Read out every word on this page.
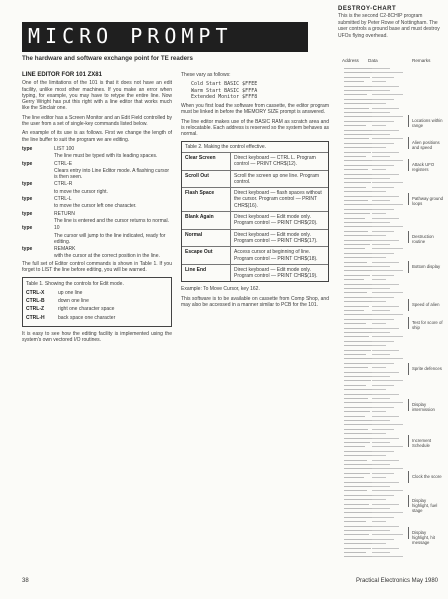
MICRO PROMPT
The hardware and software exchange point for TE readers
DESTROY-CHART
This is the second C2-8CHIP program submitted by Peter Rowe of Nottingham. The user controls a ground base and must destroy UFOs flying overhead.
LINE EDITOR FOR 101 ZX81

One of the limitations of the 101 is that it does not have an edit facility, unlike most other machines. If you make an error when typing, for example, you may have to retype the entire line. Now Gerry Wright has put this right with a line editor that works much like the Sinclair one.

The line editor has a Screen Monitor and an Edit Field controlled by the user from a set of single-key commands listed below.

An example of its use is as follows. First we change the length of the line buffer to suit the program we are editing.

type	LIST 100
The line must be typed with its leading spaces.
type	CTRL-E
Clears entry into Line Editor mode. A flashing cursor is then seen.
type	CTRL-R
to move the cursor right.
type	CTRL-L
to move the cursor left one character.
type	RETURN
The line is entered and the cursor returns to normal.
type	10
The cursor will jump to the line indicated, ready for editing.
type	REMARK
with the cursor at the correct position in the line.

The full set of Editor control commands is shown in Table 1. If you forget to LIST the line before editing, you will be warned.

Table 1. Showing the controls for Edit mode.
CTRL-X	up one line
CTRL-B	down one line
CTRL-Z	right one character space
CTRL-H	back space one character

It is easy to see how the editing facility is implemented using the system's own vectored I/O routines.

These vary as follows:

Cold Start BASIC $FFEE
Warm Start BASIC $FFFA
Extended Monitor $FFF8

When you first load the software from cassette, the editor program must be linked in before the MEMORY SIZE prompt is answered.

The line editor makes use of the BASIC RAM as scratch area and is relocatable. Each address is reserved so the system behaves as normal.

Table 2. Making the control effective.
Clear Screen	Direct keyboard — CTRL L. Program control — PRINT CHR$(12).
Scroll Out	Scroll the screen up one line. Program control.
Flash Space	Direct keyboard — flash spaces without the cursor. Program control — PRINT CHR$(16).
Blank Again	Direct keyboard — Edit mode only. Program control — PRINT CHR$(20).
Normal	Direct keyboard — Edit mode only. Program control — PRINT CHR$(17).
Escape Out	Access cursor at beginning of line. Program control — PRINT CHR$(18).
Line End	Direct keyboard — Edit mode only. Program control — PRINT CHR$(19).

Example: To Move Cursor, key 162.

This software is to be available on cassette from Comp Shop, and may also be accessed in a manner similar to PCB for the 101.

Address Data	Remarks
Locations within range
Alien positions and speed
Attack UFO registers
Pathway ground loops
Destruction routine
Bottom display
Speed of alien
Test for score of ship
Sprite defences
Display intermission
Increment Schedule
Clock the score
Display highlight, fuel stage
Display highlight, hit message
38	Practical Electronics May 1980
